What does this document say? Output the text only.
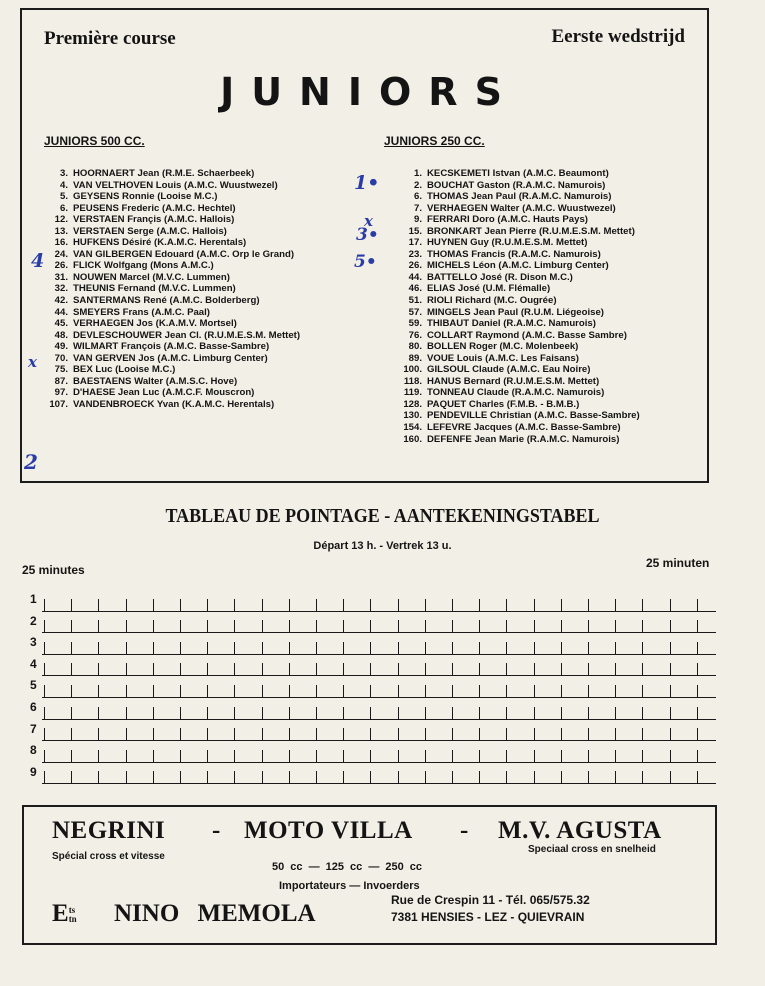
Première course	Eerste wedstrijd
JUNIORS
JUNIORS 500 CC.	JUNIORS 250 CC.
3. HOORNAERT Jean (R.M.E. Schaerbeek)
4. VAN VELTHOVEN Louis (A.M.C. Wuustwezel)
5. GEYSENS Ronnie (Looise M.C.)
6. PEUSENS Frederic (A.M.C. Hechtel)
12. VERSTAEN Françis (A.M.C. Hallois)
13. VERSTAEN Serge (A.M.C. Hallois)
16. HUFKENS Désiré (K.A.M.C. Herentals)
24. VAN GILBERGEN Edouard (A.M.C. Orp le Grand)
26. FLICK Wolfgang (Mons A.M.C.)
31. NOUWEN Marcel (M.V.C. Lummen)
32. THEUNIS Fernand (M.V.C. Lummen)
42. SANTERMANS René (A.M.C. Bolderberg)
44. SMEYERS Frans (A.M.C. Paal)
45. VERHAEGEN Jos (K.A.M.V. Mortsel)
48. DEVLESCHOUWER Jean Cl. (R.U.M.E.S.M. Mettet)
49. WILMART François (A.M.C. Basse-Sambre)
70. VAN GERVEN Jos (A.M.C. Limburg Center)
75. BEX Luc (Looise M.C.)
87. BAESTAENS Walter (A.M.S.C. Hove)
97. D'HAESE Jean Luc (A.M.C.F. Mouscron)
107. VANDENBROECK Yvan (K.A.M.C. Herentals)
1. KECSKEMETI Istvan (A.M.C. Beaumont)
2. BOUCHAT Gaston (R.A.M.C. Namurois)
6. THOMAS Jean Paul (R.A.M.C. Namurois)
7. VERHAEGEN Walter (A.M.C. Wuustwezel)
9. FERRARI Doro (A.M.C. Hauts Pays)
15. BRONKART Jean Pierre (R.U.M.E.S.M. Mettet)
17. HUYNEN Guy (R.U.M.E.S.M. Mettet)
23. THOMAS Francis (R.A.M.C. Namurois)
26. MICHELS Léon (A.M.C. Limburg Center)
44. BATTELLO José (R. Dison M.C.)
46. ELIAS José (U.M. Flémalle)
51. RIOLI Richard (M.C. Ougrée)
57. MINGELS Jean Paul (R.U.M. Liégeoise)
59. THIBAUT Daniel (R.A.M.C. Namurois)
76. COLLART Raymond (A.M.C. Basse Sambre)
80. BOLLEN Roger (M.C. Molenbeek)
89. VOUE Louis (A.M.C. Les Faisans)
100. GILSOUL Claude (A.M.C. Eau Noire)
118. HANUS Bernard (R.U.M.E.S.M. Mettet)
119. TONNEAU Claude (R.A.M.C. Namurois)
128. PAQUET Charles (F.M.B. - B.M.B.)
130. PENDEVILLE Christian (A.M.C. Basse-Sambre)
154. LEFEVRE Jacques (A.M.C. Basse-Sambre)
160. DEFENFE Jean Marie (R.A.M.C. Namurois)
1•
x
3•
5•
4
x
2
TABLEAU DE POINTAGE - AANTEKENINGSTABEL
Départ 13 h. - Vertrek 13 u.
25 minutes	25 minuten
1
2
3
4
5
6
7
8
9
NEGRINI - MOTO VILLA - M.V. AGUSTA
Spécial cross et vitesse
Speciaal cross en snelheid
50 cc — 125 cc — 250 cc
Importateurs — Invoerders
E ts
tn NINO MEMOLA	Rue de Crespin 11 - Tél. 065/575.32
7381 HENSIES - LEZ - QUIEVRAIN
